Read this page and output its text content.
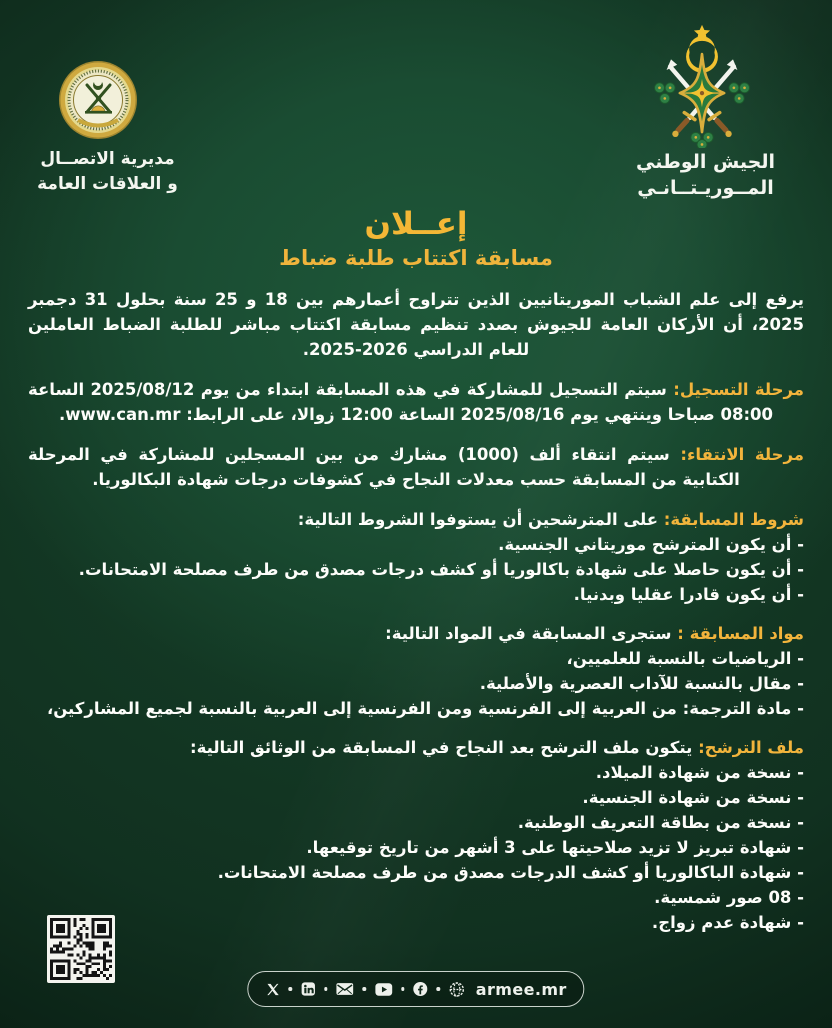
مديرية الاتصــال
و العلاقات العامة
الجيش الوطني
المــوريـتــانـي
إعــلان
مسابقة اكتتاب طلبة ضباط

يرفع إلى علم الشباب الموريتانيين الذين تتراوح أعمارهم بين 18 و 25 سنة بحلول 31 دجمبر 2025، أن الأركان العامة للجيوش بصدد تنظيم مسابقة اكتتاب مباشر للطلبة الضباط العاملين للعام الدراسي 2026-2025.

مرحلة التسجيل: سيتم التسجيل للمشاركة في هذه المسابقة ابتداء من يوم 2025/08/12 الساعة 08:00 صباحا وينتهي يوم 2025/08/16 الساعة 12:00 زوالا، على الرابط: www.can.mr.

مرحلة الانتقاء: سيتم انتقاء ألف (1000) مشارك من بين المسجلين للمشاركة في المرحلة الكتابية من المسابقة حسب معدلات النجاح في كشوفات درجات شهادة البكالوريا.

شروط المسابقة: على المترشحين أن يستوفوا الشروط التالية:
- أن يكون المترشح موريتاني الجنسية.
- أن يكون حاصلا على شهادة باكالوريا أو كشف درجات مصدق من طرف مصلحة الامتحانات.
- أن يكون قادرا عقليا وبدنيا.
مواد المسابقة : ستجرى المسابقة في المواد التالية:
- الرياضيات بالنسبة للعلميين،
- مقال بالنسبة للآداب العصرية والأصلية.
- مادة الترجمة: من العربية إلى الفرنسية ومن الفرنسية إلى العربية بالنسبة لجميع المشاركين،
ملف الترشح: يتكون ملف الترشح بعد النجاح في المسابقة من الوثائق التالية:
- نسخة من شهادة الميلاد.
- نسخة من شهادة الجنسية.
- نسخة من بطاقة التعريف الوطنية.
- شهادة تبريز لا تزيد صلاحيتها على 3 أشهر من تاريخ توقيعها.
- شهادة الباكالوريا أو كشف الدرجات مصدق من طرف مصلحة الامتحانات.
- 08 صور شمسية.
- شهادة عدم زواج.
armee.mr
